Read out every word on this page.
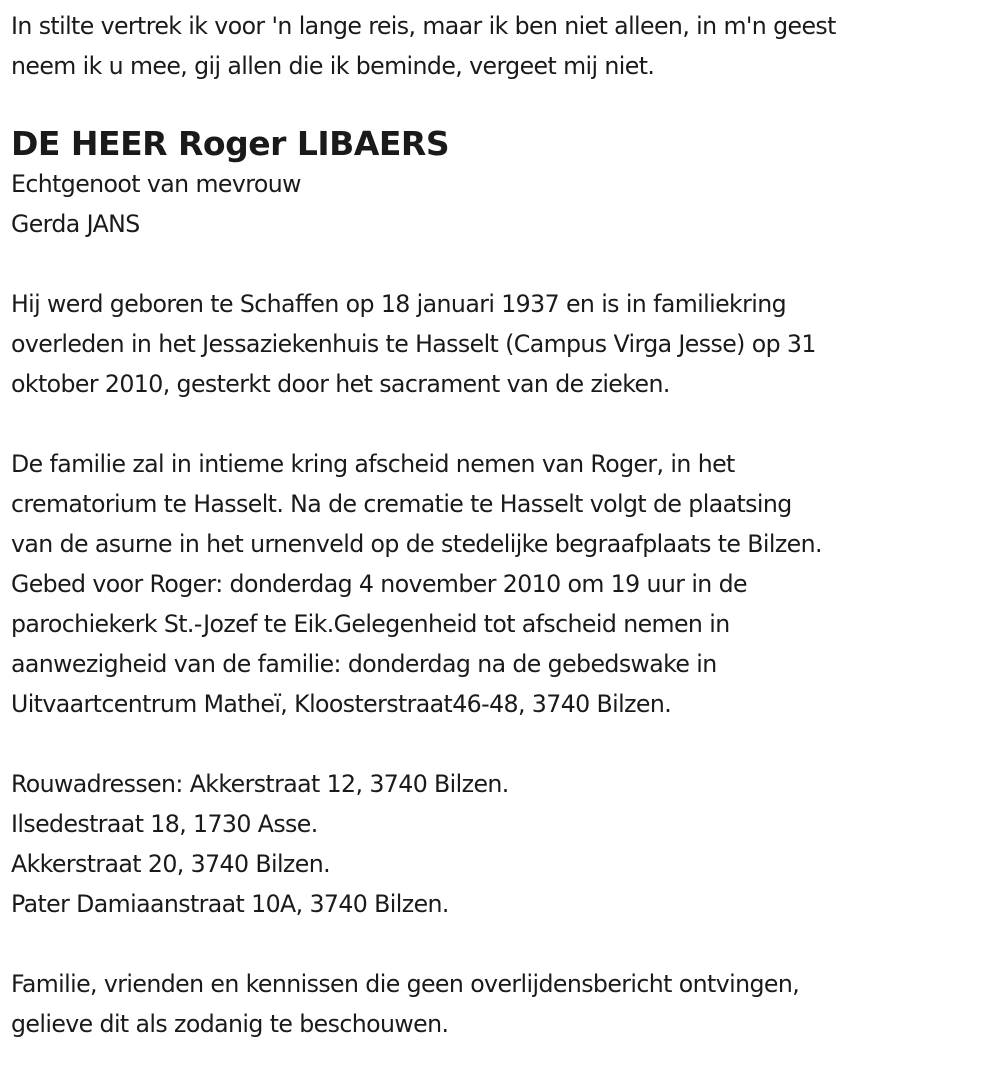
In stilte vertrek ik voor 'n lange reis, maar ik ben niet alleen, in m'n geest
neem ik u mee, gij allen die ik beminde, vergeet mij niet.
DE HEER Roger LIBAERS
Echtgenoot van mevrouw
Gerda JANS
Hij werd geboren te Schaffen op 18 januari 1937 en is in familiekring
overleden in het Jessaziekenhuis te Hasselt (Campus Virga Jesse) op 31
oktober 2010, gesterkt door het sacrament van de zieken.
De familie zal in intieme kring afscheid nemen van Roger, in het
crematorium te Hasselt. Na de crematie te Hasselt volgt de plaatsing
van de asurne in het urnenveld op de stedelijke begraafplaats te Bilzen.
Gebed voor Roger: donderdag 4 november 2010 om 19 uur in de
parochiekerk St.-Jozef te Eik.Gelegenheid tot afscheid nemen in
aanwezigheid van de familie: donderdag na de gebedswake in
Uitvaartcentrum Matheï, Kloosterstraat46-48, 3740 Bilzen.
Rouwadressen: Akkerstraat 12, 3740 Bilzen.
Ilsedestraat 18, 1730 Asse.
Akkerstraat 20, 3740 Bilzen.
Pater Damiaanstraat 10A, 3740 Bilzen.
Familie, vrienden en kennissen die geen overlijdensbericht ontvingen,
gelieve dit als zodanig te beschouwen.
